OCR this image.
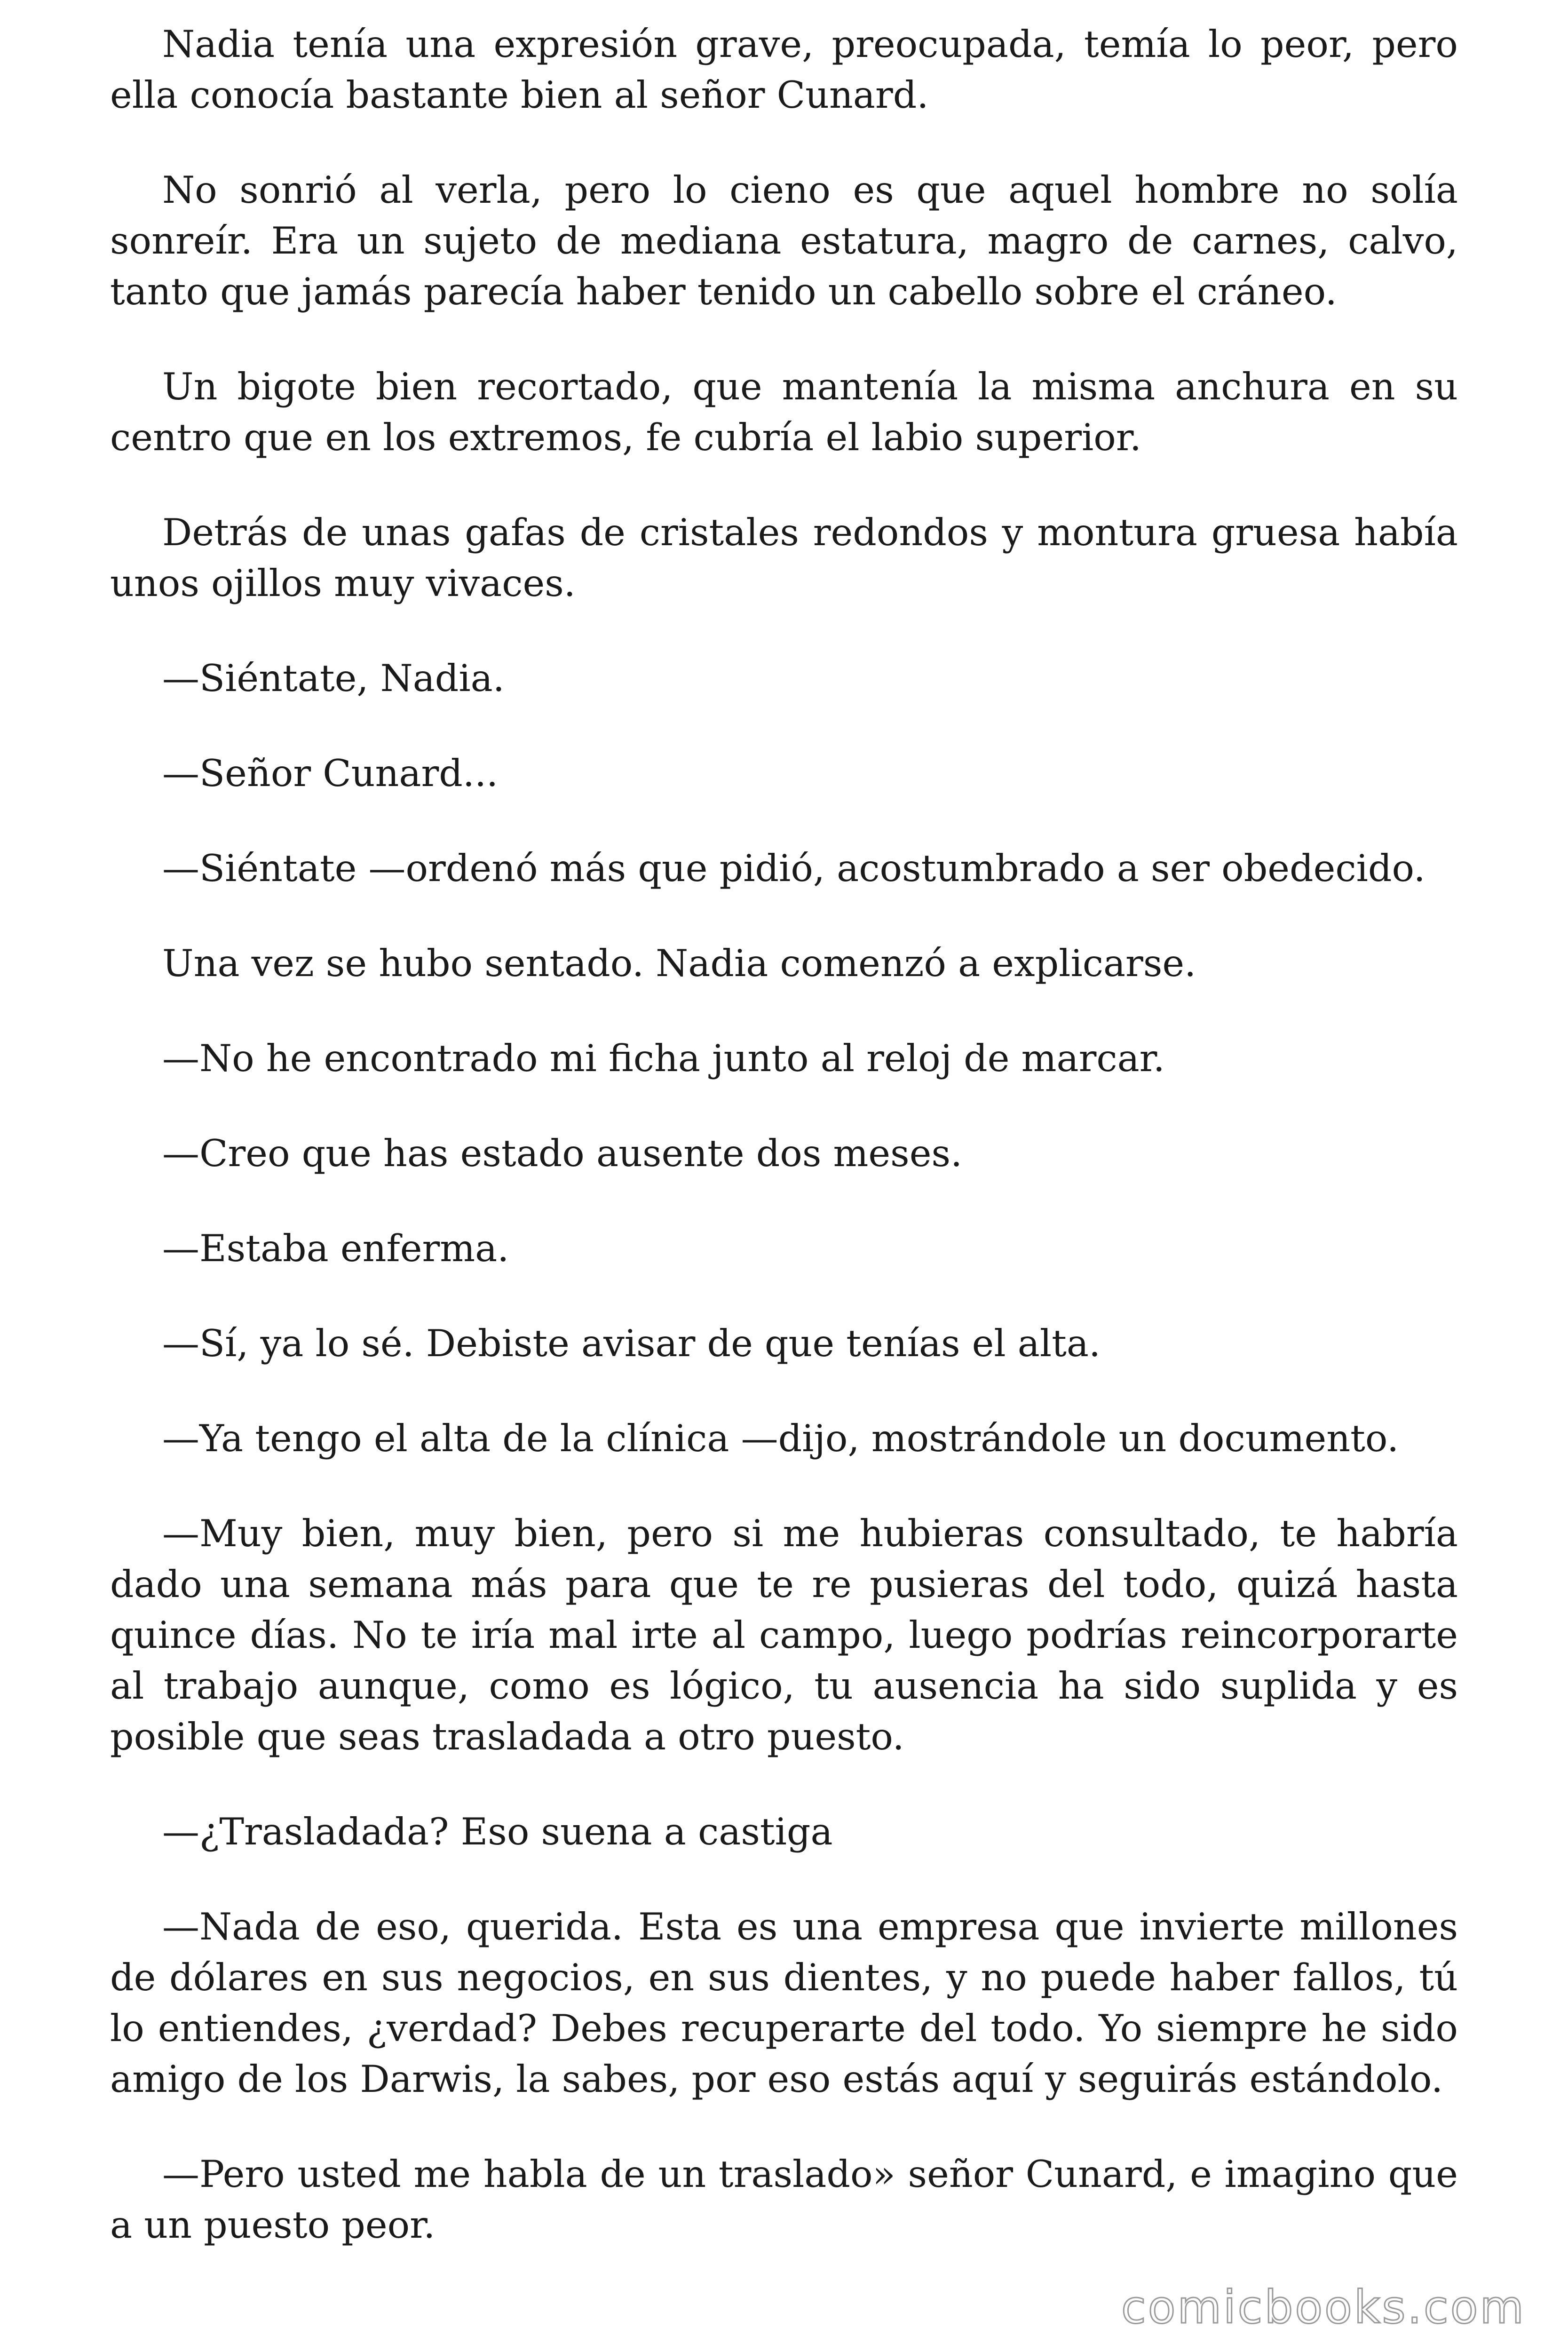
Nadia tenía una expresión grave, preocupada, temía lo peor, pero ella conocía bastante bien al señor Cunard.

No sonrió al verla, pero lo cieno es que aquel hombre no solía sonreír. Era un sujeto de mediana estatura, magro de carnes, calvo, tanto que jamás parecía haber tenido un cabello sobre el cráneo.

Un bigote bien recortado, que mantenía la misma anchura en su centro que en los extremos, fe cubría el labio superior.

Detrás de unas gafas de cristales redondos y montura gruesa había unos ojillos muy vivaces.

—Siéntate, Nadia.

—Señor Cunard...

—Siéntate —ordenó más que pidió, acostumbrado a ser obedecido.

Una vez se hubo sentado. Nadia comenzó a explicarse.

—No he encontrado mi ficha junto al reloj de marcar.

—Creo que has estado ausente dos meses.

—Estaba enferma.

—Sí, ya lo sé. Debiste avisar de que tenías el alta.

—Ya tengo el alta de la clínica —dijo, mostrándole un documento.

—Muy bien, muy bien, pero si me hubieras consultado, te habría dado una semana más para que te re pusieras del todo, quizá hasta quince días. No te iría mal irte al campo, luego podrías reincorporarte al trabajo aunque, como es lógico, tu ausencia ha sido suplida y es posible que seas trasladada a otro puesto.

—¿Trasladada? Eso suena a castiga

—Nada de eso, querida. Esta es una empresa que invierte millones de dólares en sus negocios, en sus dientes, y no puede haber fallos, tú lo entiendes, ¿verdad? Debes recuperarte del todo. Yo siempre he sido amigo de los Darwis, la sabes, por eso estás aquí y seguirás estándolo.

—Pero usted me habla de un traslado» señor Cunard, e imagino que a un puesto peor.

comicbooks.com
